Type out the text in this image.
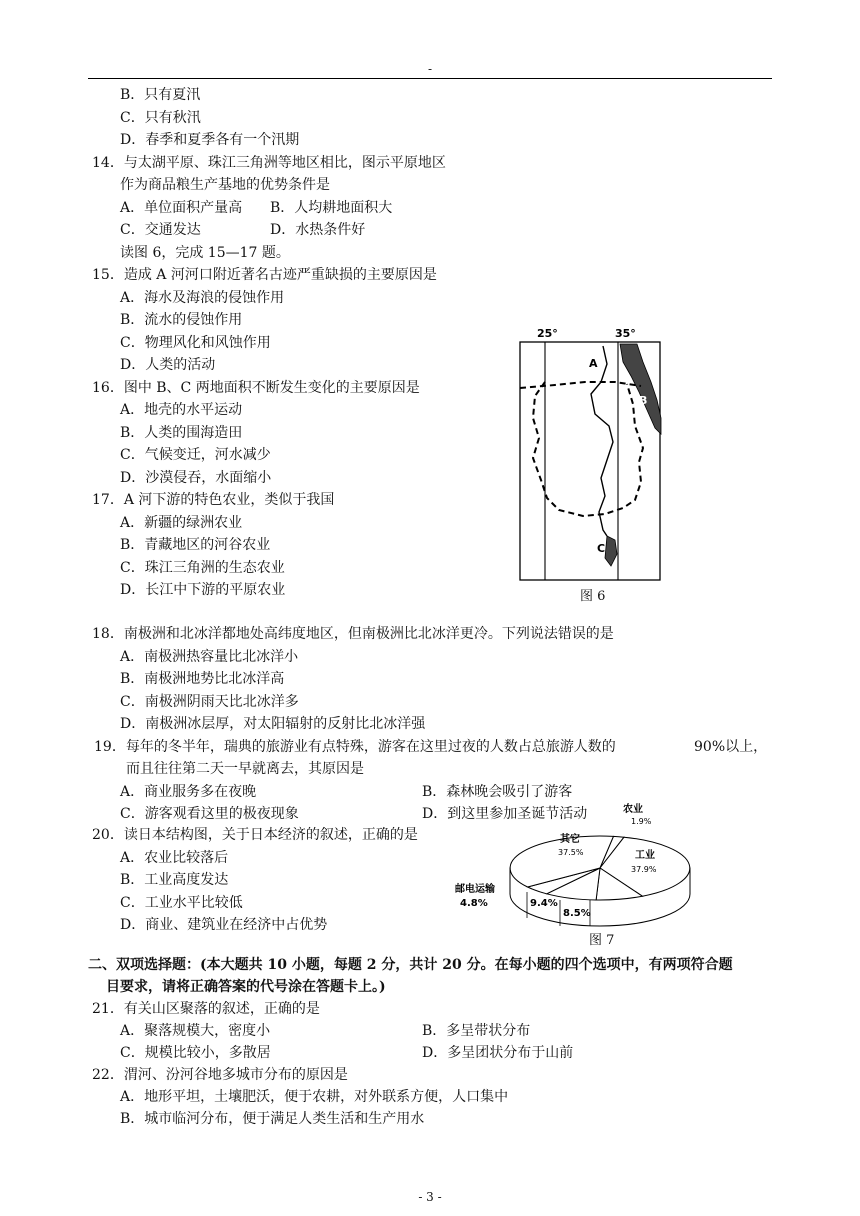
-
B．只有夏汛
C．只有秋汛
D．春季和夏季各有一个汛期
14．与太湖平原、珠江三角洲等地区相比，图示平原地区
作为商品粮生产基地的优势条件是
A．单位面积产量高 B．人均耕地面积大
C．交通发达	D．水热条件好
读图 6，完成 15—17 题。
15．造成 A 河河口附近著名古迹严重缺损的主要原因是
A．海水及海浪的侵蚀作用
B．流水的侵蚀作用
C．物理风化和风蚀作用
D．人类的活动
16．图中 B、C 两地面积不断发生变化的主要原因是
A．地壳的水平运动
B．人类的围海造田
C．气候变迁，河水减少
D．沙漠侵吞，水面缩小
17．A 河下游的特色农业，类似于我国
A．新疆的绿洲农业
B．青藏地区的河谷农业
C．珠江三角洲的生态农业
D．长江中下游的平原农业
25°	35°
A
B
C
图 6
18．南极洲和北冰洋都地处高纬度地区，但南极洲比北冰洋更冷。下列说法错误的是
A．南极洲热容量比北冰洋小
B．南极洲地势比北冰洋高
C．南极洲阴雨天比北冰洋多
D．南极洲冰层厚，对太阳辐射的反射比北冰洋强
19．每年的冬半年，瑞典的旅游业有点特殊，游客在这里过夜的人数占总旅游人数的	90%以上，
而且往往第二天一早就离去，其原因是
A．商业服务多在夜晚	B．森林晚会吸引了游客
C．游客观看这里的极夜现象	D．到这里参加圣诞节活动
20．读日本结构图，关于日本经济的叙述，正确的是
A．农业比较落后
B．工业高度发达
C．工业水平比较低
D．商业、建筑业在经济中占优势
农业
1.9%
工业
37.9%
其它
37.5%
邮电运输
4.8%	9.4%
8.5%
图 7
二、双项选择题：(本大题共 10 小题，每题 2 分，共计 20 分。在每小题的四个选项中，有两项符合题
目要求，请将正确答案的代号涂在答题卡上。)
21．有关山区聚落的叙述，正确的是
A．聚落规模大，密度小	B．多呈带状分布
C．规模比较小，多散居	D．多呈团状分布于山前
22．渭河、汾河谷地多城市分布的原因是
A．地形平坦，土壤肥沃，便于农耕，对外联系方便，人口集中
B．城市临河分布，便于满足人类生活和生产用水
- 3 -
